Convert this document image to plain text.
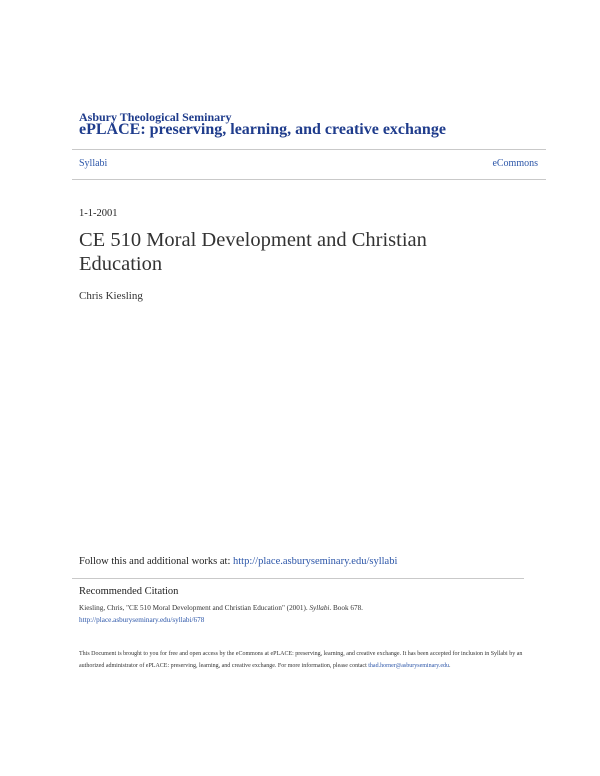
Asbury Theological Seminary
ePLACE: preserving, learning, and creative exchange
Syllabi	eCommons
1-1-2001
CE 510 Moral Development and Christian Education
Chris Kiesling
Follow this and additional works at: http://place.asburyseminary.edu/syllabi
Recommended Citation
Kiesling, Chris, "CE 510 Moral Development and Christian Education" (2001). Syllabi. Book 678.
http://place.asburyseminary.edu/syllabi/678
This Document is brought to you for free and open access by the eCommons at ePLACE: preserving, learning, and creative exchange. It has been accepted for inclusion in Syllabi by an authorized administrator of ePLACE: preserving, learning, and creative exchange. For more information, please contact thad.horner@asburyseminary.edu.
